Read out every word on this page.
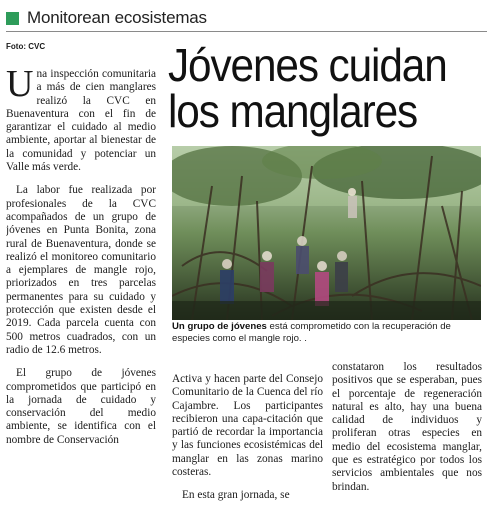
Monitorean ecosistemas
Foto: CVC

Una inspección comunitaria a más de cien manglares realizó la CVC en Buenaventura con el fin de garantizar el cuidado al medio ambiente, aportar al bienestar de la comunidad y potenciar un Valle más verde.

La labor fue realizada por profesionales de la CVC acompañados de un grupo de jóvenes en Punta Bonita, zona rural de Buenaventura, donde se realizó el monitoreo comunitario a ejemplares de mangle rojo, priorizados en tres parcelas permanentes para su cuidado y protección que existen desde el 2019. Cada parcela cuenta con 500 metros cuadrados, con un radio de 12.6 metros.

El grupo de jóvenes comprometidos que participó en la jornada de cuidado y conservación del medio ambiente, se identifica con el nombre de Conservación

Jóvenes cuidan
los manglares
Un grupo de jóvenes está comprometido con la recuperación de especies como el mangle rojo. .

Activa y hacen parte del Consejo Comunitario de la Cuenca del río Cajambre. Los participantes recibieron una capa-citación que partió de recordar la importancia y las funciones ecosistémicas del manglar en las zonas marino costeras.

En esta gran jornada, se

constataron los resultados positivos que se esperaban, pues el porcentaje de regeneración natural es alto, hay una buena calidad de individuos y proliferan otras especies en medio del ecosistema manglar, que es estratégico por todos los servicios ambientales que nos brindan.
